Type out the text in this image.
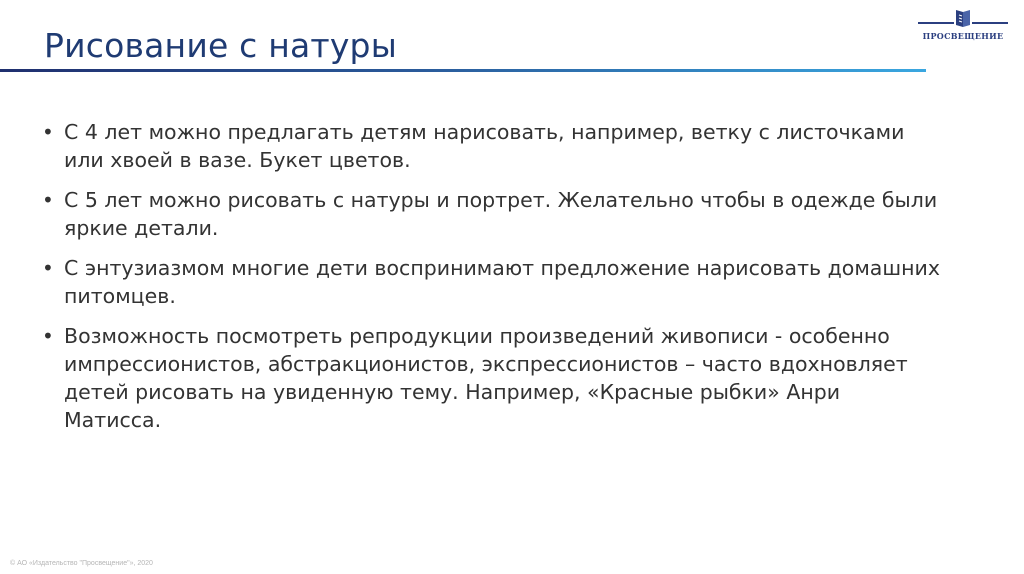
Рисование с натуры	ПРОСВЕЩЕНИЕ
• С 4 лет можно предлагать детям нарисовать, например, ветку с листочками или хвоей в вазе. Букет цветов.
• С 5 лет можно рисовать с натуры и портрет. Желательно чтобы в одежде были яркие детали.
• С энтузиазмом многие дети воспринимают предложение нарисовать домашних питомцев.
• Возможность посмотреть репродукции произведений живописи - особенно импрессионистов, абстракционистов, экспрессионистов – часто вдохновляет детей рисовать на увиденную тему. Например, «Красные рыбки» Анри Матисса.
© АО «Издательство "Просвещение"», 2020
